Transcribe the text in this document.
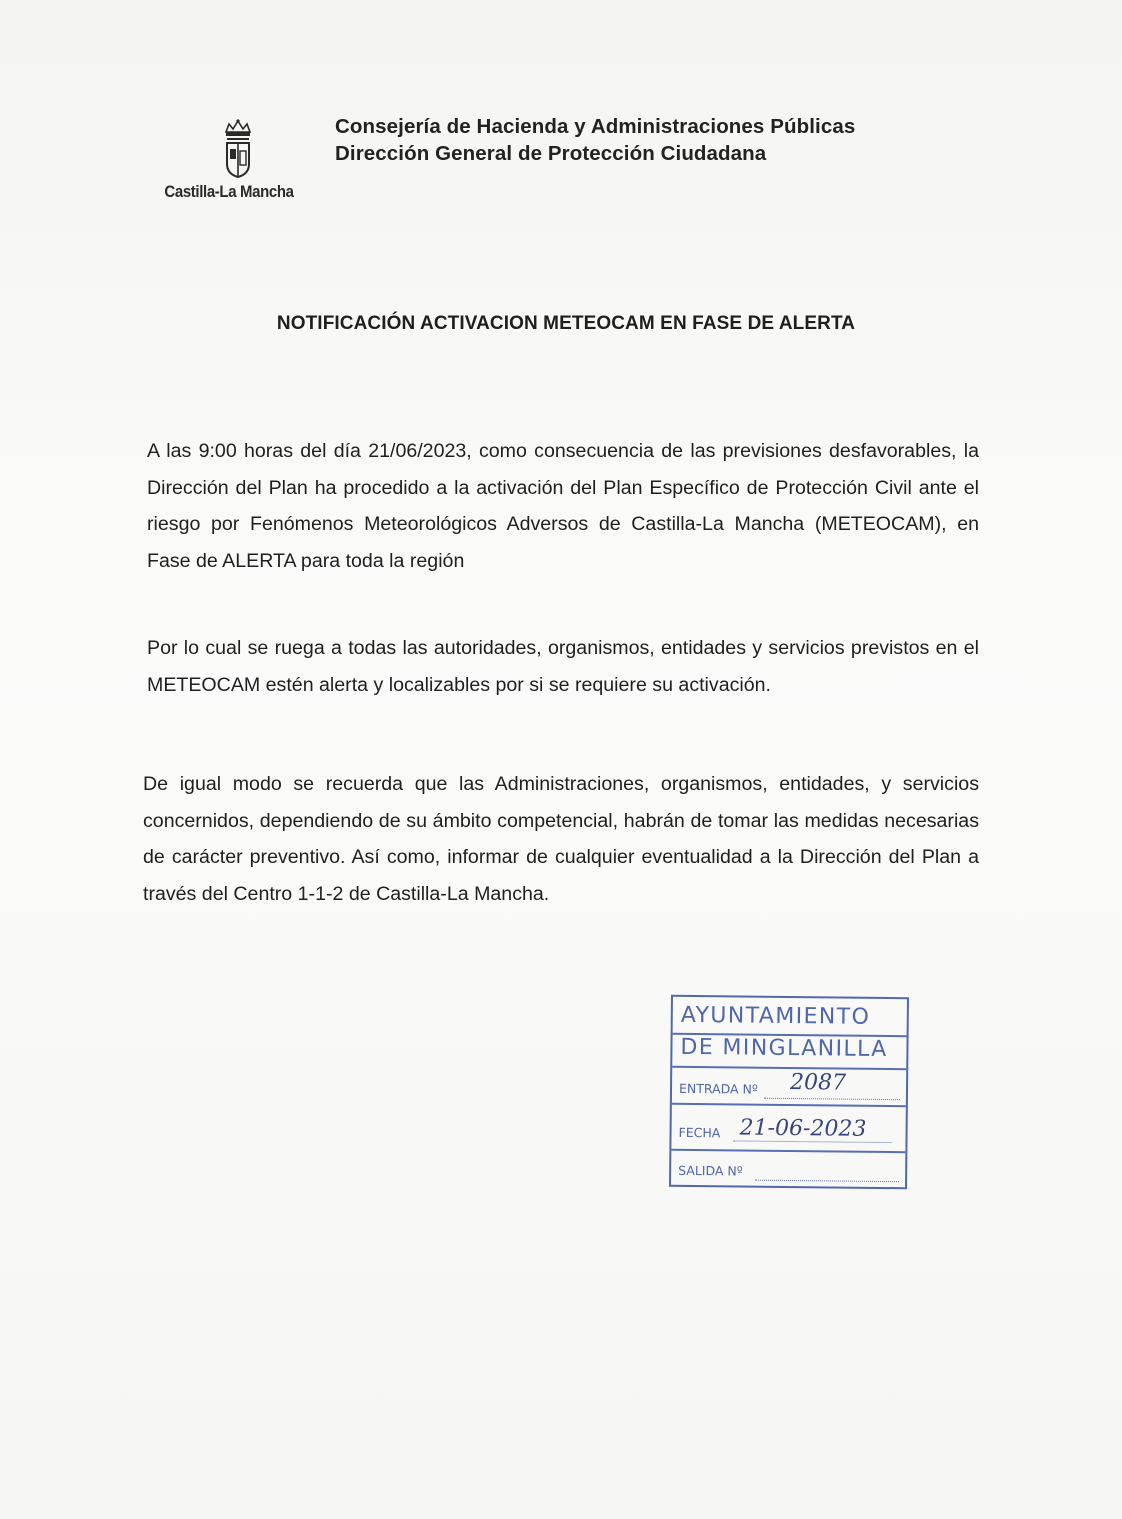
Castilla-La Mancha
Consejería de Hacienda y Administraciones Públicas
Dirección General de Protección Ciudadana
NOTIFICACIÓN ACTIVACION METEOCAM EN FASE DE ALERTA
A las 9:00 horas del día 21/06/2023, como consecuencia de las previsiones desfavorables, la Dirección del Plan ha procedido a la activación del Plan Específico de Protección Civil ante el riesgo por Fenómenos Meteorológicos Adversos de Castilla-La Mancha (METEOCAM), en Fase de ALERTA para toda la región
Por lo cual se ruega a todas las autoridades, organismos, entidades y servicios previstos en el METEOCAM estén alerta y localizables por si se requiere su activación.
De igual modo se recuerda que las Administraciones, organismos, entidades, y servicios concernidos, dependiendo de su ámbito competencial, habrán de tomar las medidas necesarias de carácter preventivo. Así como, informar de cualquier eventualidad a la Dirección del Plan a través del Centro 1-1-2 de Castilla-La Mancha.
AYUNTAMIENTO
DE MINGLANILLA
ENTRADA Nº 2087
FECHA 21-06-2023
SALIDA Nº
